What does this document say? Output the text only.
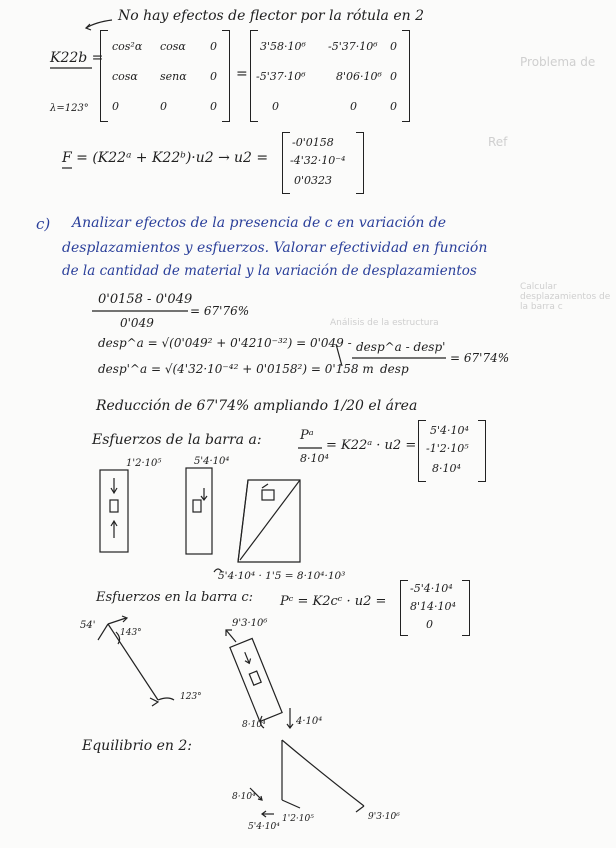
Problema de
Ref
Calcular desplazamientos de la barra c
Análisis de la estructura
No hay efectos de flector por la rótula en 2
K22b =
λ=123°
cos²α cosα 0
cosα senα 0
0	0	0
=
3'58·10⁶ -5'37·10⁶ 0
-5'37·10⁶	8'06·10⁶ 0
0	0	0
F = (K22ᵃ + K22ᵇ)·u2 → u2 =
-0'0158
-4'32·10⁻⁴
0'0323
c) Analizar efectos de la presencia de c en variación de
desplazamientos y esfuerzos. Valorar efectividad en función
de la cantidad de material y la variación de desplazamientos
0'0158 - 0'049
0'049
= 67'76%
desp^a = √(0'049² + 0'4210⁻³²) = 0'049 -
desp'^a = √(4'32·10⁻⁴² + 0'0158²) = 0'158 m
desp^a - desp'
desp
= 67'74%
Reducción de 67'74% ampliando 1/20 el área
Esfuerzos de la barra a:	Pᵃ
= K22ᵃ · u2 =
8·10⁴
5'4·10⁴
-1'2·10⁵
8·10⁴
1'2·10⁵	5'4·10⁴
5'4·10⁴ · 1'5 = 8·10⁴·10³
Esfuerzos en la barra c: Pᶜ = K2cᶜ · u2 =
-5'4·10⁴
8'14·10⁴
0
9'3·10⁶
54'
143°
123°
8·10⁴	4·10⁴
Equilibrio en 2:
8·10⁴
5'4·10⁴
1'2·10⁵	9'3·10⁶
